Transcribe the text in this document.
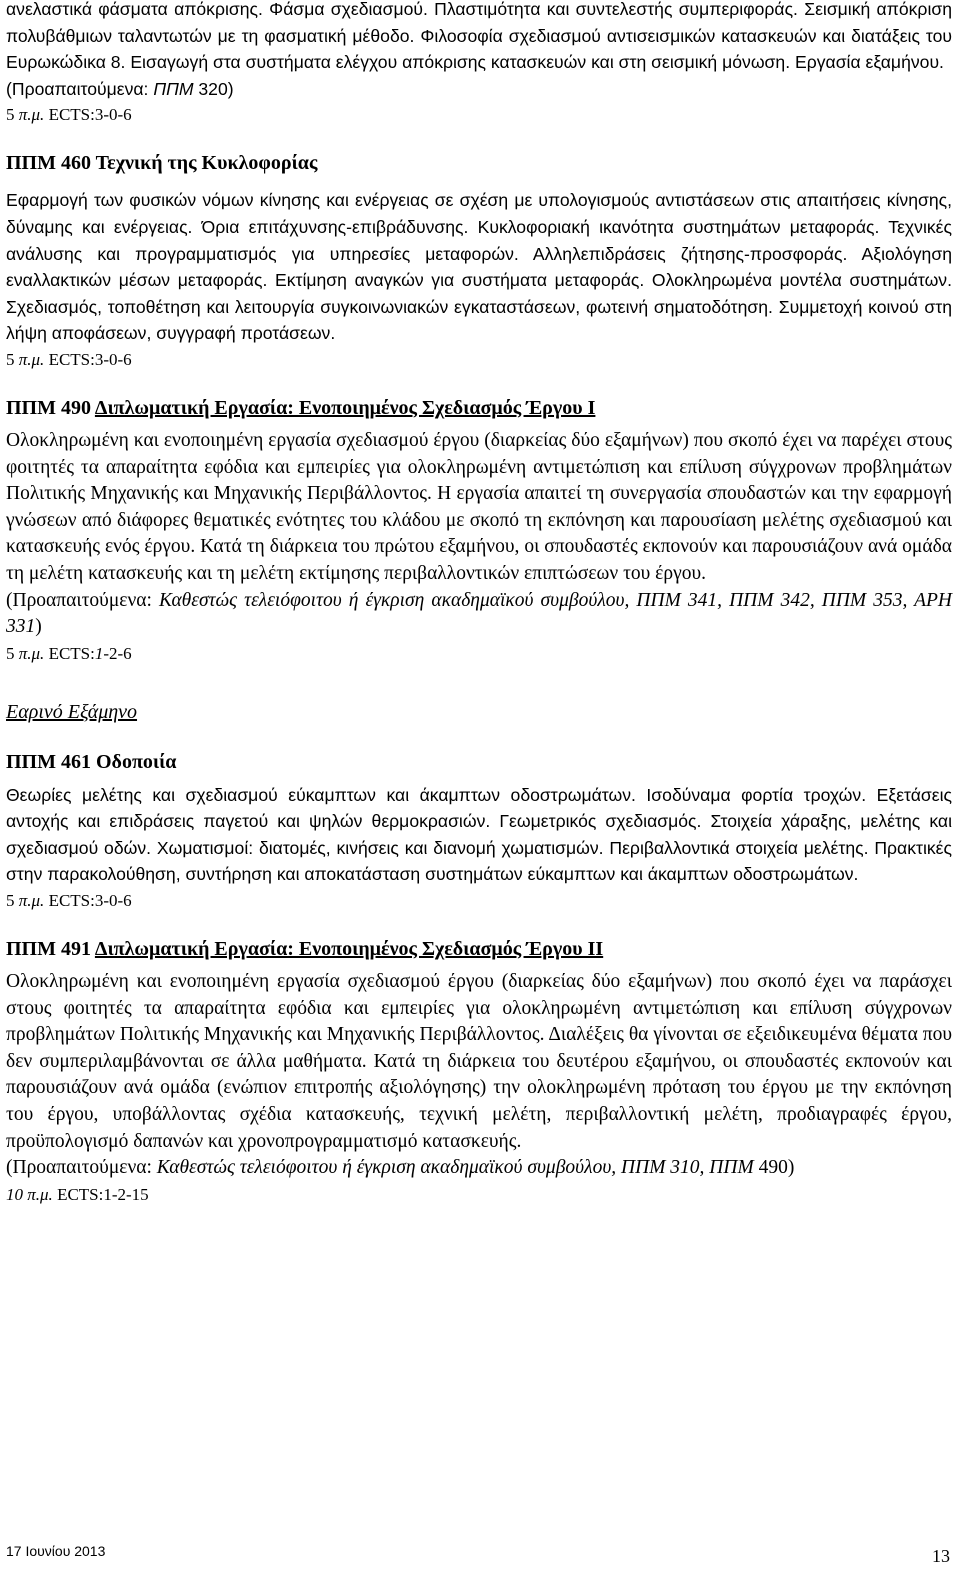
ανελαστικά φάσματα απόκρισης. Φάσμα σχεδιασμού. Πλαστιμότητα και συντελεστής συμπεριφοράς. Σεισμική απόκριση πολυβάθμιων ταλαντωτών με τη φασματική μέθοδο. Φιλοσοφία σχεδιασμού αντισεισμικών κατασκευών και διατάξεις του Ευρωκώδικα 8. Εισαγωγή στα συστήματα ελέγχου απόκρισης κατασκευών και στη σεισμική μόνωση. Εργασία εξαμήνου.
(Προαπαιτούμενα: ΠΠΜ 320)

5 π.μ. ECTS:3-0-6

ΠΠΜ 460 Τεχνική της Κυκλοφορίας

Εφαρμογή των φυσικών νόμων κίνησης και ενέργειας σε σχέση με υπολογισμούς αντιστάσεων στις απαιτήσεις κίνησης, δύναμης και ενέργειας. Όρια επιτάχυνσης-επιβράδυνσης. Κυκλοφοριακή ικανότητα συστημάτων μεταφοράς. Τεχνικές ανάλυσης και προγραμματισμός για υπηρεσίες μεταφορών. Αλληλεπιδράσεις ζήτησης-προσφοράς. Αξιολόγηση εναλλακτικών μέσων μεταφοράς. Εκτίμηση αναγκών για συστήματα μεταφοράς. Ολοκληρωμένα μοντέλα συστημάτων. Σχεδιασμός, τοποθέτηση και λειτουργία συγκοινωνιακών εγκαταστάσεων, φωτεινή σηματοδότηση. Συμμετοχή κοινού στη λήψη αποφάσεων, συγγραφή προτάσεων.

5 π.μ. ECTS:3-0-6

ΠΠΜ 490 Διπλωματική Εργασία: Ενοποιημένος Σχεδιασμός Έργου Ι

Ολοκληρωμένη και ενοποιημένη εργασία σχεδιασμού έργου (διαρκείας δύο εξαμήνων) που σκοπό έχει να παρέχει στους φοιτητές τα απαραίτητα εφόδια και εμπειρίες για ολοκληρωμένη αντιμετώπιση και επίλυση σύγχρονων προβλημάτων Πολιτικής Μηχανικής και Μηχανικής Περιβάλλοντος. Η εργασία απαιτεί τη συνεργασία σπουδαστών και την εφαρμογή γνώσεων από διάφορες θεματικές ενότητες του κλάδου με σκοπό τη εκπόνηση και παρουσίαση μελέτης σχεδιασμού και κατασκευής ενός έργου. Κατά τη διάρκεια του πρώτου εξαμήνου, οι σπουδαστές εκπονούν και παρουσιάζουν ανά ομάδα τη μελέτη κατασκευής και τη μελέτη εκτίμησης περιβαλλοντικών επιπτώσεων του έργου.
(Προαπαιτούμενα: Καθεστώς τελειόφοιτου ή έγκριση ακαδημαϊκού συμβούλου, ΠΠΜ 341, ΠΠΜ 342, ΠΠΜ 353, ΑΡΗ 331)

5 π.μ. ECTS:1-2-6

Εαρινό Εξάμηνο

ΠΠΜ 461 Οδοποιία

Θεωρίες μελέτης και σχεδιασμού εύκαμπτων και άκαμπτων οδοστρωμάτων. Ισοδύναμα φορτία τροχών. Εξετάσεις αντοχής και επιδράσεις παγετού και ψηλών θερμοκρασιών. Γεωμετρικός σχεδιασμός. Στοιχεία χάραξης, μελέτης και σχεδιασμού οδών. Χωματισμοί: διατομές, κινήσεις και διανομή χωματισμών. Περιβαλλοντικά στοιχεία μελέτης. Πρακτικές στην παρακολούθηση, συντήρηση και αποκατάσταση συστημάτων εύκαμπτων και άκαμπτων οδοστρωμάτων.

5 π.μ. ECTS:3-0-6

ΠΠΜ 491 Διπλωματική Εργασία: Ενοποιημένος Σχεδιασμός Έργου ΙΙ

Ολοκληρωμένη και ενοποιημένη εργασία σχεδιασμού έργου (διαρκείας δύο εξαμήνων) που σκοπό έχει να παράσχει στους φοιτητές τα απαραίτητα εφόδια και εμπειρίες για ολοκληρωμένη αντιμετώπιση και επίλυση σύγχρονων προβλημάτων Πολιτικής Μηχανικής και Μηχανικής Περιβάλλοντος. Διαλέξεις θα γίνονται σε εξειδικευμένα θέματα που δεν συμπεριλαμβάνονται σε άλλα μαθήματα. Κατά τη διάρκεια του δευτέρου εξαμήνου, οι σπουδαστές εκπονούν και παρουσιάζουν ανά ομάδα (ενώπιον επιτροπής αξιολόγησης) την ολοκληρωμένη πρόταση του έργου με την εκπόνηση του έργου, υποβάλλοντας σχέδια κατασκευής, τεχνική μελέτη, περιβαλλοντική μελέτη, προδιαγραφές έργου, προϋπολογισμό δαπανών και χρονοπρογραμματισμό κατασκευής.
(Προαπαιτούμενα: Καθεστώς τελειόφοιτου ή έγκριση ακαδημαϊκού συμβούλου, ΠΠΜ 310, ΠΠΜ 490)

10 π.μ. ECTS:1-2-15

17 Ιουνίου 2013	13
